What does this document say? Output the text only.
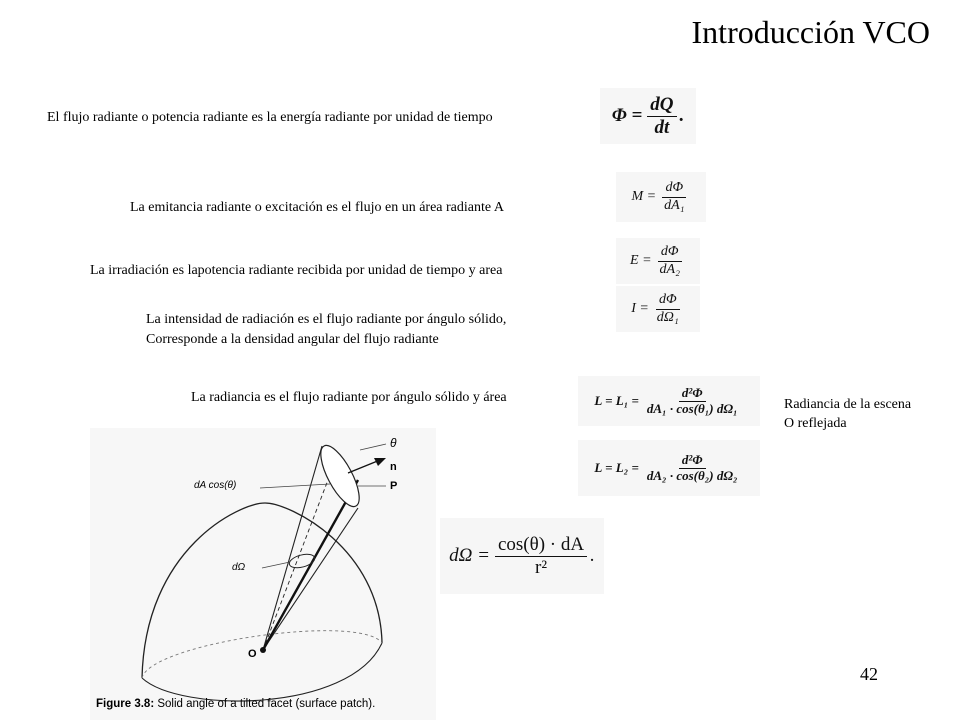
Introducción VCO
El flujo radiante o potencia radiante es la energía radiante por unidad de tiempo
La emitancia radiante o excitación es el flujo en un área radiante A
La irradiación es lapotencia radiante recibida por unidad de tiempo y area
La intensidad de radiación es el flujo radiante por ángulo sólido,
Corresponde a la densidad angular del flujo radiante
La radiancia es el flujo radiante por ángulo sólido y área	Radiancia de la escena
O reflejada
$\Phi = \frac{dQ}{dt}$ .
$M = \frac{d\Phi}{\text{dA₁}}$
$E = \frac{d\Phi}{\text{dA₂}}$
$I = \frac{d\Phi}{\text{dΩ₁}}$
$L = L_1 = \frac{\text{d²Φ}}{\text{dA₁ · cos(θ₁) dΩ₁}}$
$L = L_2 = \frac{\text{d²Φ}}{\text{dA₂ · cos(θ₂) dΩ₂}}$
$d\Omega = \frac{\cos(\theta) \cdot dA}{\text{r²}}$ .
θ
n
P
dA cos(θ)
dΩ
O
Figure 3.8: Solid angle of a tilted facet (surface patch).
42
